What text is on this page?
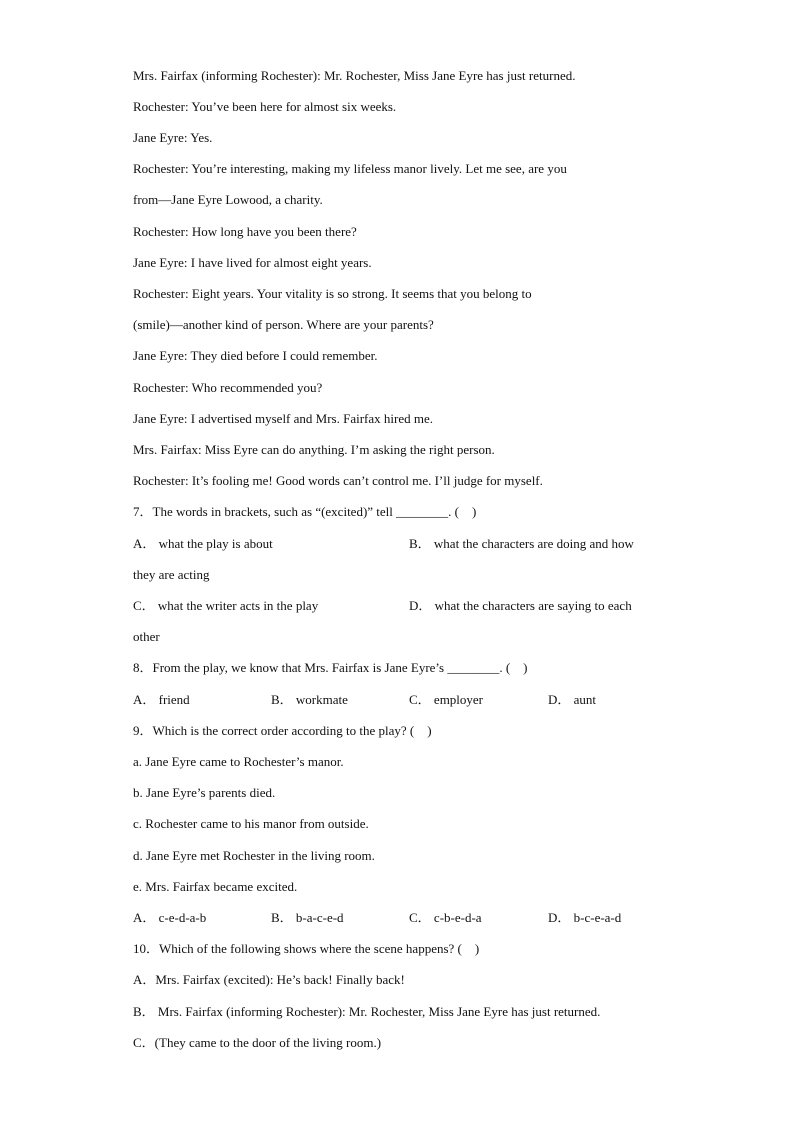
Mrs. Fairfax (informing Rochester): Mr. Rochester, Miss Jane Eyre has just returned.
Rochester: You’ve been here for almost six weeks.
Jane Eyre: Yes.
Rochester: You’re interesting, making my lifeless manor lively. Let me see, are you
from—Jane Eyre Lowood, a charity.
Rochester: How long have you been there?
Jane Eyre: I have lived for almost eight years.
Rochester: Eight years. Your vitality is so strong. It seems that you belong to
(smile)—another kind of person. Where are your parents?
Jane Eyre: They died before I could remember.
Rochester: Who recommended you?
Jane Eyre: I advertised myself and Mrs. Fairfax hired me.
Mrs. Fairfax: Miss Eyre can do anything. I’m asking the right person.
Rochester: It’s fooling me! Good words can’t control me. I’ll judge for myself.
7．The words in brackets, such as “(excited)” tell ________. (　)
A． what the play is about	B． what the characters are doing and how
they are acting
C． what the writer acts in the play	D． what the characters are saying to each
other
8．From the play, we know that Mrs. Fairfax is Jane Eyre’s ________. (　)
A． friend	B． workmate	C． employer	D． aunt
9．Which is the correct order according to the play? (　)
a. Jane Eyre came to Rochester’s manor.
b. Jane Eyre’s parents died.
c. Rochester came to his manor from outside.
d. Jane Eyre met Rochester in the living room.
e. Mrs. Fairfax became excited.
A． c-e-d-a-b	B． b-a-c-e-d	C． c-b-e-d-a	D． b-c-e-a-d
10．Which of the following shows where the scene happens? (　)
A．Mrs. Fairfax (excited): He’s back! Finally back!
B． Mrs. Fairfax (informing Rochester): Mr. Rochester, Miss Jane Eyre has just returned.
C．(They came to the door of the living room.)
